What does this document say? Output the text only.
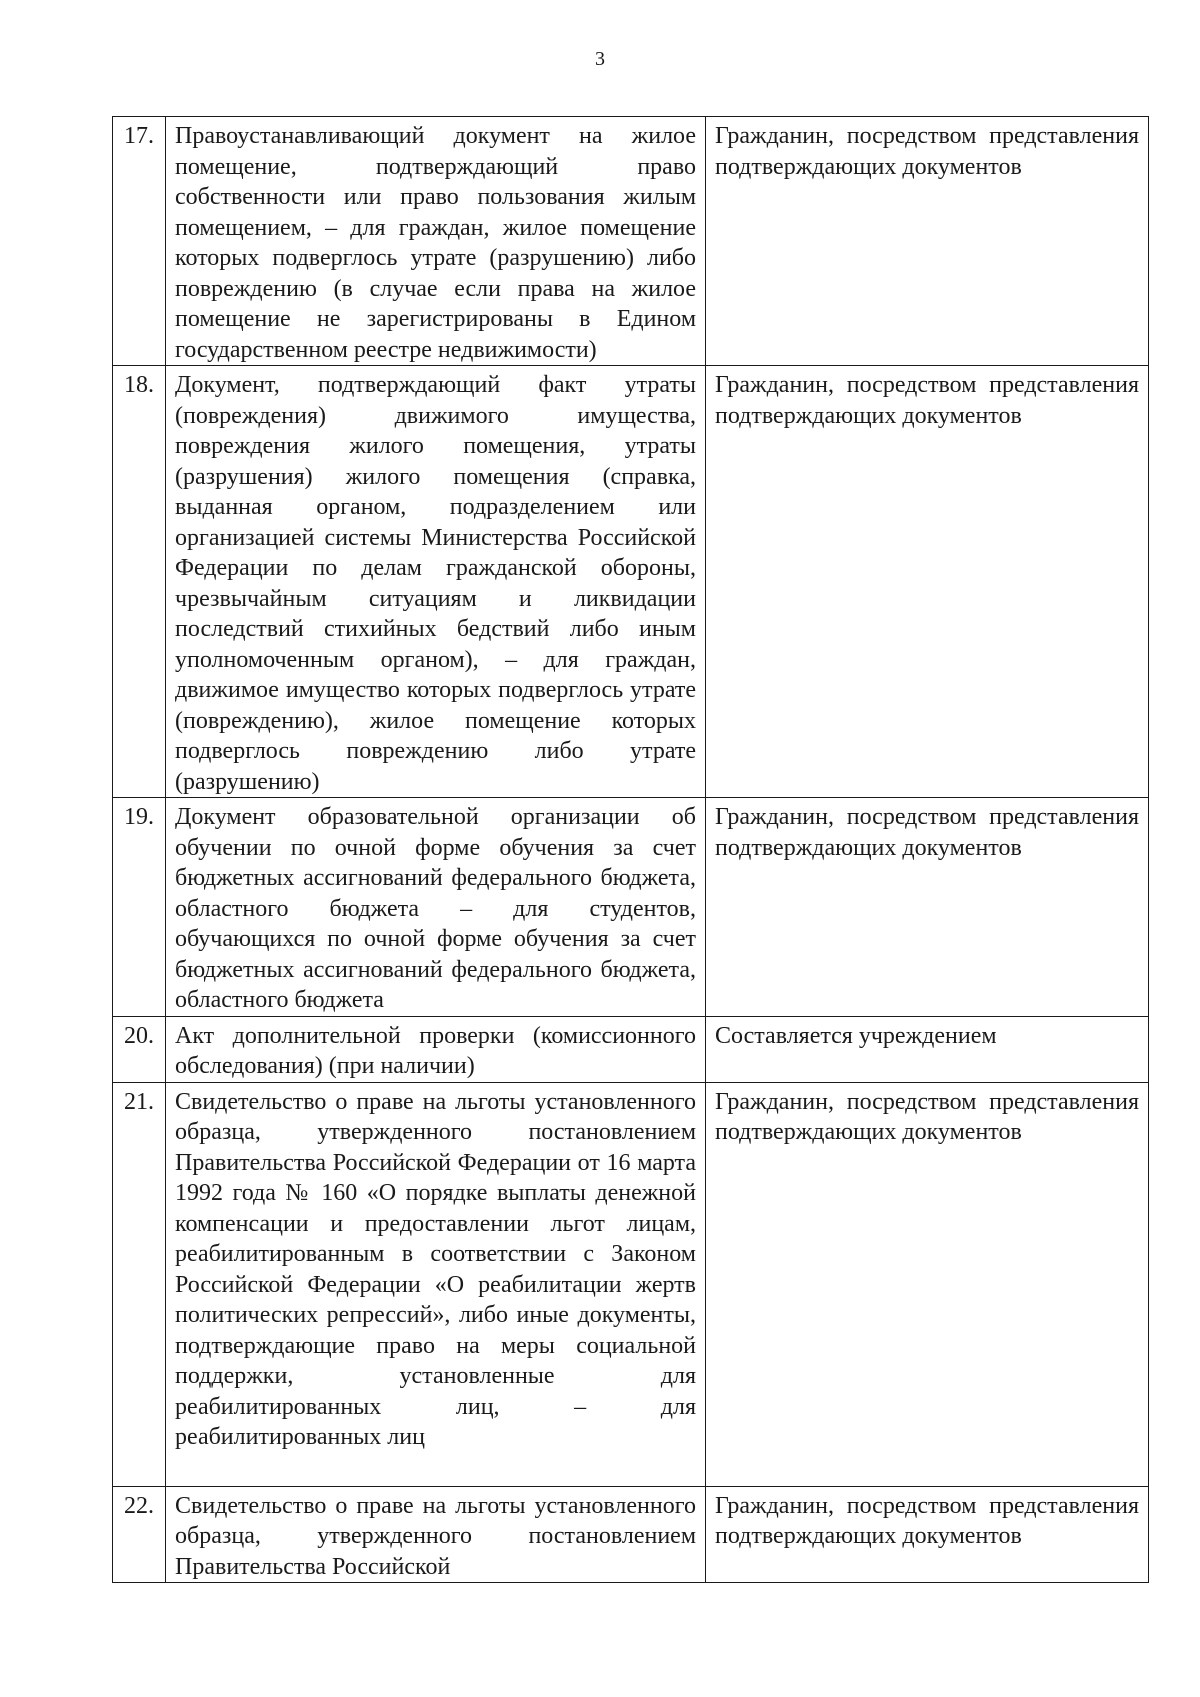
3
17.	Правоустанавливающий документ на жилое помещение, подтверждающий право собственности или право пользования жилым помещением, – для граждан, жилое помещение которых подверглось утрате (разрушению) либо повреждению (в случае если права на жилое помещение не зарегистрированы в Едином государственном реестре недвижимости)	Гражданин, посредством представления подтверждающих документов
18.	Документ, подтверждающий факт утраты (повреждения) движимого имущества, повреждения жилого помещения, утраты (разрушения) жилого помещения (справка, выданная органом, подразделением или организацией системы Министерства Российской Федерации по делам гражданской обороны, чрезвычайным ситуациям и ликвидации последствий стихийных бедствий либо иным уполномоченным органом), – для граждан, движимое имущество которых подверглось утрате (повреждению), жилое помещение которых подверглось повреждению либо утрате (разрушению)	Гражданин, посредством представления подтверждающих документов
19.	Документ образовательной организации об обучении по очной форме обучения за счет бюджетных ассигнований федерального бюджета, областного бюджета – для студентов, обучающихся по очной форме обучения за счет бюджетных ассигнований федерального бюджета, областного бюджета	Гражданин, посредством представления подтверждающих документов
20.	Акт дополнительной проверки (комиссионного обследования) (при наличии)	Составляется учреждением
21.	Свидетельство о праве на льготы установленного образца, утвержденного постановлением Правительства Российской Федерации от 16 марта 1992 года № 160 «О порядке выплаты денежной компенсации и предоставлении льгот лицам, реабилитированным в соответствии с Законом Российской Федерации «О реабилитации жертв политических репрессий», либо иные документы, подтверждающие право на меры социальной поддержки, установленные для реабилитированных лиц, – для реабилитированных лиц	Гражданин, посредством представления подтверждающих документов
22.	Свидетельство о праве на льготы установленного образца, утвержденного постановлением Правительства Российской	Гражданин, посредством представления подтверждающих документов
